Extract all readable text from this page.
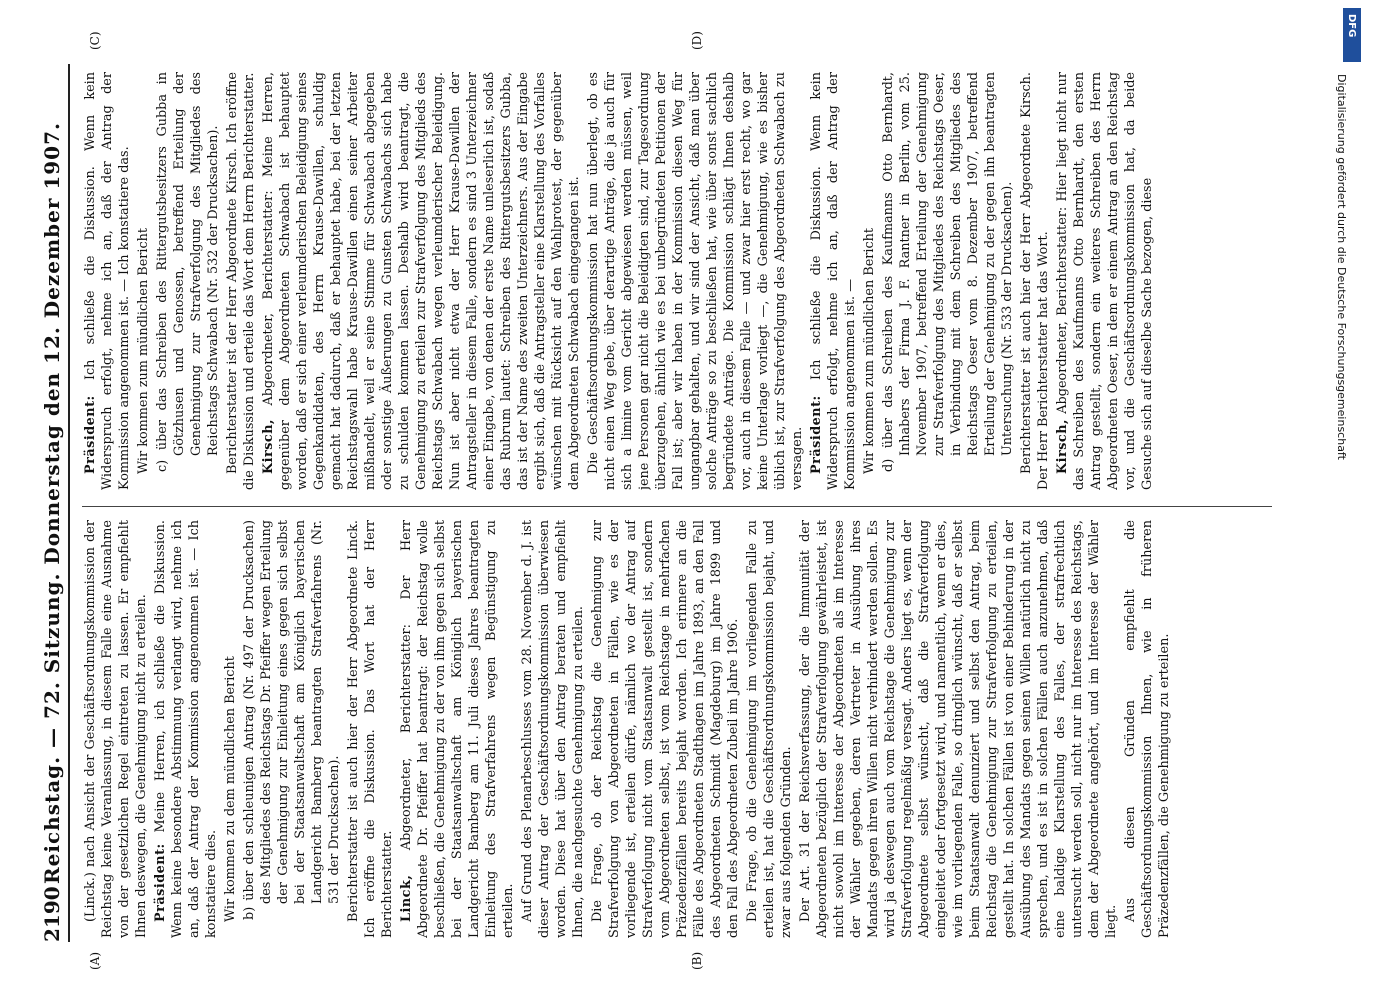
2190
Reichstag. — 72. Sitzung. Donnerstag den 12. Dezember 1907.
(A)	(B)
(C)	(D)

(Linck.) nach Ansicht der Geschäftsordnungskommission der Reichstag keine Veranlassung, in diesem Falle eine Ausnahme von der gesetzlichen Regel eintreten zu lassen. Er empfiehlt Ihnen deswegen, die Genehmigung nicht zu erteilen. Präsident: Meine Herren, ich schließe die Diskussion. Wenn keine besondere Abstimmung verlangt wird, nehme ich an, daß der Antrag der Kommission angenommen ist. — Ich konstatiere dies. Wir kommen zu dem mündlichen Bericht b) über den schleunigen Antrag (Nr. 497 der Drucksachen) des Mitgliedes des Reichstags Dr. Pfeiffer wegen Erteilung der Genehmigung zur Einleitung eines gegen sich selbst bei der Staatsanwaltschaft am Königlich bayerischen Landgericht Bamberg beantragten Strafverfahrens (Nr. 531 der Drucksachen). Berichterstatter ist auch hier der Herr Abgeordnete Linck. Ich eröffne die Diskussion. Das Wort hat der Herr Berichterstatter. Linck, Abgeordneter, Berichterstatter: Der Herr Abgeordnete Dr. Pfeiffer hat beantragt: der Reichstag wolle beschließen, die Genehmigung zu der von ihm gegen sich selbst bei der Staatsanwaltschaft am Königlich bayerischen Landgericht Bamberg am 11. Juli dieses Jahres beantragten Einleitung des Strafverfahrens wegen Begünstigung zu erteilen. Auf Grund des Plenarbeschlusses vom 28. November d. J. ist dieser Antrag der Geschäftsordnungskommission überwiesen worden. Diese hat über den Antrag beraten und empfiehlt Ihnen, die nachgesuchte Genehmigung zu erteilen. Die Frage, ob der Reichstag die Genehmigung zur Strafverfolgung von Abgeordneten in Fällen, wie es der vorliegende ist, erteilen dürfe, nämlich wo der Antrag auf Strafverfolgung nicht vom Staatsanwalt gestellt ist, sondern vom Abgeordneten selbst, ist vom Reichstage in mehrfachen Präzedenzfällen bereits bejaht worden. Ich erinnere an die Fälle des Abgeordneten Stadthagen im Jahre 1893, an den Fall des Abgeordneten Schmidt (Magdeburg) im Jahre 1899 und den Fall des Abgeordneten Zubeil im Jahre 1906. Die Frage, ob die Genehmigung im vorliegenden Falle zu erteilen ist, hat die Geschäftsordnungskommission bejaht, und zwar aus folgenden Gründen. Der Art. 31 der Reichsverfassung, der die Immunität der Abgeordneten bezüglich der Strafverfolgung gewährleistet, ist nicht sowohl im Interesse der Abgeordneten als im Interesse der Wähler gegeben, deren Vertreter in Ausübung ihres Mandats gegen ihren Willen nicht verhindert werden sollen. Es wird ja deswegen auch vom Reichstage die Genehmigung zur Strafverfolgung regelmäßig versagt. Anders liegt es, wenn der Abgeordnete selbst wünscht, daß die Strafverfolgung eingeleitet oder fortgesetzt wird, und namentlich, wenn er dies, wie im vorliegenden Falle, so dringlich wünscht, daß er selbst beim Staatsanwalt denunziert und selbst den Antrag, beim Reichstag die Genehmigung zur Strafverfolgung zu erteilen, gestellt hat. In solchen Fällen ist von einer Behinderung in der Ausübung des Mandats gegen seinen Willen natürlich nicht zu sprechen, und es ist in solchen Fällen auch anzunehmen, daß eine baldige Klarstellung des Falles, der strafrechtlich untersucht werden soll, nicht nur im Interesse des Reichstags, dem der Abgeordnete angehört, und im Interesse der Wähler liegt. Aus diesen Gründen empfiehlt die Geschäftsordnungskommission Ihnen, wie in früheren Präzedenzfällen, die Genehmigung zu erteilen.

Präsident: Ich schließe die Diskussion. Wenn kein Widerspruch erfolgt, nehme ich an, daß der Antrag der Kommission angenommen ist. — Ich konstatiere das. Wir kommen zum mündlichen Bericht c) über das Schreiben des Rittergutsbesitzers Gubba in Götzhusen und Genossen, betreffend Erteilung der Genehmigung zur Strafverfolgung des Mitgliedes des Reichstags Schwabach (Nr. 532 der Drucksachen). Berichterstatter ist der Herr Abgeordnete Kirsch. Ich eröffne die Diskussion und erteile das Wort dem Herrn Berichterstatter. Kirsch, Abgeordneter, Berichterstatter: Meine Herren, gegenüber dem Abgeordneten Schwabach ist behauptet worden, daß er sich einer verleumderischen Beleidigung seines Gegenkandidaten, des Herrn Krause-Dawillen, schuldig gemacht hat dadurch, daß er behauptet habe, bei der letzten Reichstagswahl habe Krause-Dawillen einen seiner Arbeiter mißhandelt, weil er seine Stimme für Schwabach abgegeben oder sonstige Äußerungen zu Gunsten Schwabachs sich habe zu schulden kommen lassen. Deshalb wird beantragt, die Genehmigung zu erteilen zur Strafverfolgung des Mitglieds des Reichstags Schwabach wegen verleumderischer Beleidigung. Nun ist aber nicht etwa der Herr Krause-Dawillen der Antragsteller in diesem Falle, sondern es sind 3 Unterzeichner einer Eingabe, von denen der erste Name unleserlich ist, sodaß das Rubrum lautet: Schreiben des Rittergutsbesitzers Gubba, das ist der Name des zweiten Unterzeichners. Aus der Eingabe ergibt sich, daß die Antragsteller eine Klarstellung des Vorfalles wünschen mit Rücksicht auf den Wahlprotest, der gegenüber dem Abgeordneten Schwabach eingegangen ist. Die Geschäftsordnungskommission hat nun überlegt, ob es nicht einen Weg gebe, über derartige Anträge, die ja auch für sich a limine vom Gericht abgewiesen werden müssen, weil jene Personen gar nicht die Beleidigten sind, zur Tagesordnung überzugehen, ähnlich wie es bei unbegründeten Petitionen der Fall ist; aber wir haben in der Kommission diesen Weg für ungangbar gehalten, und wir sind der Ansicht, daß man über solche Anträge so zu beschließen hat, wie über sonst sachlich begründete Anträge. Die Kommission schlägt Ihnen deshalb vor, auch in diesem Falle — und zwar hier erst recht, wo gar keine Unterlage vorliegt —, die Genehmigung, wie es bisher üblich ist, zur Strafverfolgung des Abgeordneten Schwabach zu versagen. Präsident: Ich schließe die Diskussion. Wenn kein Widerspruch erfolgt, nehme ich an, daß der Antrag der Kommission angenommen ist. — Wir kommen zum mündlichen Bericht d) über das Schreiben des Kaufmanns Otto Bernhardt, Inhabers der Firma J. F. Rantner in Berlin, vom 25. November 1907, betreffend Erteilung der Genehmigung zur Strafverfolgung des Mitgliedes des Reichstags Oeser, in Verbindung mit dem Schreiben des Mitgliedes des Reichstags Oeser vom 8. Dezember 1907, betreffend Erteilung der Genehmigung zu der gegen ihn beantragten Untersuchung (Nr. 533 der Drucksachen). Berichterstatter ist auch hier der Herr Abgeordnete Kirsch. Der Herr Berichterstatter hat das Wort. Kirsch, Abgeordneter, Berichterstatter: Hier liegt nicht nur das Schreiben des Kaufmanns Otto Bernhardt, den ersten Antrag gestellt, sondern ein weiteres Schreiben des Herrn Abgeordneten Oeser, in dem er einem Antrag an den Reichstag vor, und die Geschäftsordnungskommission hat, da beide Gesuche sich auf dieselbe Sache bezogen, diese

DFG
Digitalisierung gefördert durch die Deutsche Forschungsgemeinschaft
